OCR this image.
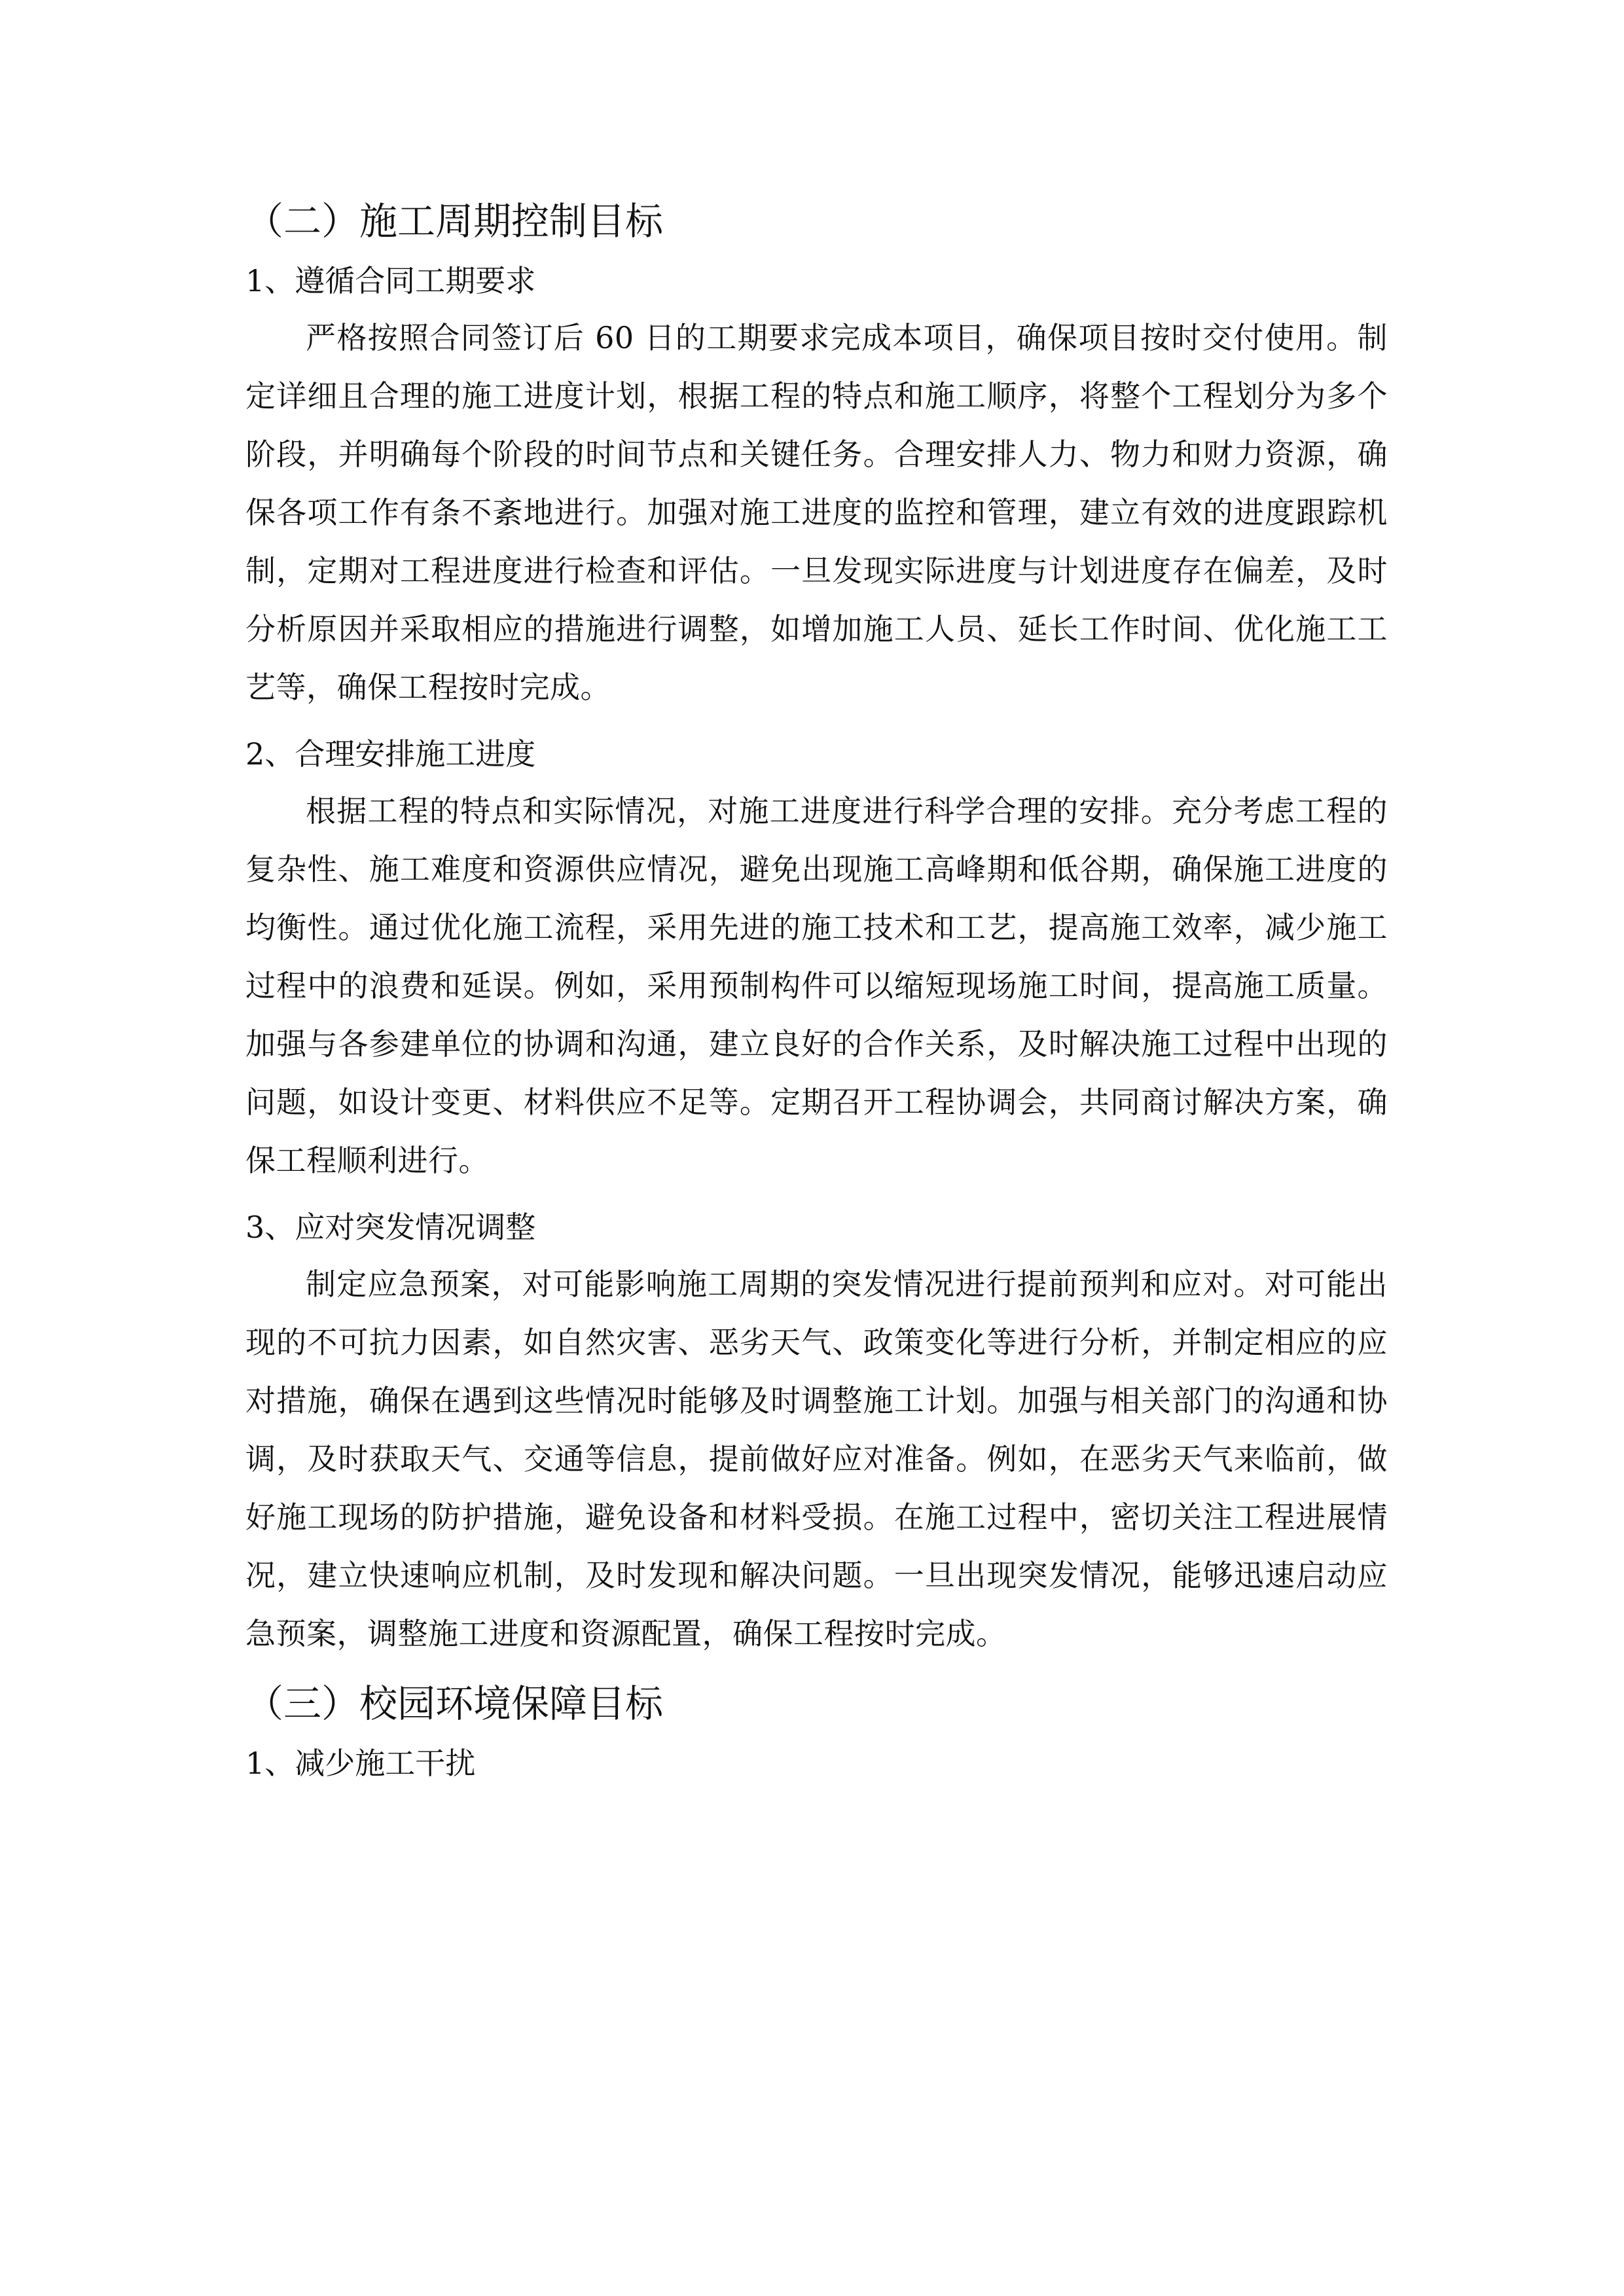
（二）施工周期控制目标
1、遵循合同工期要求

严格按照合同签订后 60 日的工期要求完成本项目，确保项目按时交付使用。制定详细且合理的施工进度计划，根据工程的特点和施工顺序，将整个工程划分为多个阶段，并明确每个阶段的时间节点和关键任务。合理安排人力、物力和财力资源，确保各项工作有条不紊地进行。加强对施工进度的监控和管理，建立有效的进度跟踪机制，定期对工程进度进行检查和评估。一旦发现实际进度与计划进度存在偏差，及时分析原因并采取相应的措施进行调整，如增加施工人员、延长工作时间、优化施工工艺等，确保工程按时完成。

2、合理安排施工进度

根据工程的特点和实际情况，对施工进度进行科学合理的安排。充分考虑工程的复杂性、施工难度和资源供应情况，避免出现施工高峰期和低谷期，确保施工进度的均衡性。通过优化施工流程，采用先进的施工技术和工艺，提高施工效率，减少施工过程中的浪费和延误。例如，采用预制构件可以缩短现场施工时间，提高施工质量。加强与各参建单位的协调和沟通，建立良好的合作关系，及时解决施工过程中出现的问题，如设计变更、材料供应不足等。定期召开工程协调会，共同商讨解决方案，确保工程顺利进行。

3、应对突发情况调整

制定应急预案，对可能影响施工周期的突发情况进行提前预判和应对。对可能出现的不可抗力因素，如自然灾害、恶劣天气、政策变化等进行分析，并制定相应的应对措施，确保在遇到这些情况时能够及时调整施工计划。加强与相关部门的沟通和协调，及时获取天气、交通等信息，提前做好应对准备。例如，在恶劣天气来临前，做好施工现场的防护措施，避免设备和材料受损。在施工过程中，密切关注工程进展情况，建立快速响应机制，及时发现和解决问题。一旦出现突发情况，能够迅速启动应急预案，调整施工进度和资源配置，确保工程按时完成。

（三）校园环境保障目标
1、减少施工干扰
